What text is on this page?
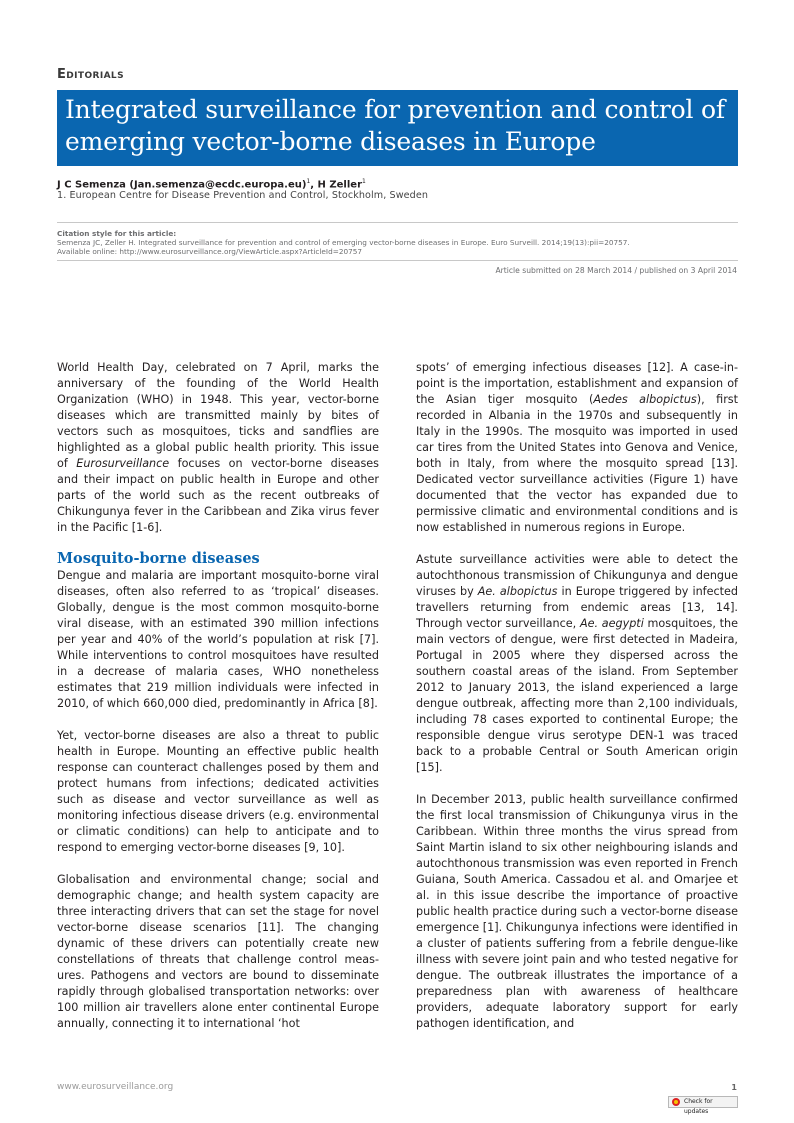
Editorials
Integrated surveillance for prevention and control of emerging vector-borne diseases in Europe
J C Semenza (Jan.semenza@ecdc.europa.eu)$^1$, H Zeller$^1$
1. European Centre for Disease Prevention and Control, Stockholm, Sweden
Citation style for this article:
Semenza JC, Zeller H. Integrated surveillance for prevention and control of emerging vector-borne diseases in Europe. Euro Surveill. 2014;19(13):pii=20757.
Available online: http://www.eurosurveillance.org/ViewArticle.aspx?ArticleId=20757
Article submitted on 28 March 2014 / published on 3 April 2014

World Health Day, celebrated on 7 April, marks the anniversary of the founding of the World Health Organization (WHO) in 1948. This year, vector-borne diseases which are transmitted mainly by bites of vectors such as mosquitoes, ticks and sandflies are highlighted as a global public health priority. This issue of Eurosurveillance focuses on vector-borne diseases and their impact on public health in Europe and other parts of the world such as the recent outbreaks of Chikungunya fever in the Caribbean and Zika virus fever in the Pacific [1-6].

Mosquito-borne diseases

Dengue and malaria are important mosquito-borne viral diseases, often also referred to as ‘tropical’ diseases. Globally, dengue is the most common mosquito-borne viral disease, with an estimated 390 million infections per year and 40% of the world’s population at risk [7]. While interventions to control mosquitoes have resulted in a decrease of malaria cases, WHO nonetheless estimates that 219 million individuals were infected in 2010, of which 660,000 died, predominantly in Africa [8].

Yet, vector-borne diseases are also a threat to public health in Europe. Mounting an effective public health response can counteract challenges posed by them and protect humans from infections; dedicated activities such as disease and vector surveillance as well as monitoring infectious disease drivers (e.g. environmental or climatic conditions) can help to anticipate and to respond to emerging vector-borne diseases [9, 10].

Globalisation and environmental change; social and demographic change; and health system capacity are three interacting drivers that can set the stage for novel vector-borne disease scenarios [11]. The changing dynamic of these drivers can potentially create new constellations of threats that challenge control measures. Pathogens and vectors are bound to disseminate rapidly through globalised transportation networks: over 100 million air travellers alone enter continental Europe annually, connecting it to international ‘hot

spots’ of emerging infectious diseases [12]. A case-in-point is the importation, establishment and expansion of the Asian tiger mosquito (Aedes albopictus), first recorded in Albania in the 1970s and subsequently in Italy in the 1990s. The mosquito was imported in used car tires from the United States into Genova and Venice, both in Italy, from where the mosquito spread [13]. Dedicated vector surveillance activities (Figure 1) have documented that the vector has expanded due to permissive climatic and environmental conditions and is now established in numerous regions in Europe.

Astute surveillance activities were able to detect the autochthonous transmission of Chikungunya and dengue viruses by Ae. albopictus in Europe triggered by infected travellers returning from endemic areas [13, 14]. Through vector surveillance, Ae. aegypti mosquitoes, the main vectors of dengue, were first detected in Madeira, Portugal in 2005 where they dispersed across the southern coastal areas of the island. From September 2012 to January 2013, the island experienced a large dengue outbreak, affecting more than 2,100 individuals, including 78 cases exported to continental Europe; the responsible dengue virus serotype DEN-1 was traced back to a probable Central or South American origin [15].

In December 2013, public health surveillance confirmed the first local transmission of Chikungunya virus in the Caribbean. Within three months the virus spread from Saint Martin island to six other neighbouring islands and autochthonous transmission was even reported in French Guiana, South America. Cassadou et al. and Omarjee et al. in this issue describe the importance of proactive public health practice during such a vector-borne disease emergence [1]. Chikungunya infections were identified in a cluster of patients suffering from a febrile dengue-like illness with severe joint pain and who tested negative for dengue. The outbreak illustrates the importance of a preparedness plan with awareness of healthcare providers, adequate laboratory support for early pathogen identification, and

www.eurosurveillance.org	1
Check for updates
